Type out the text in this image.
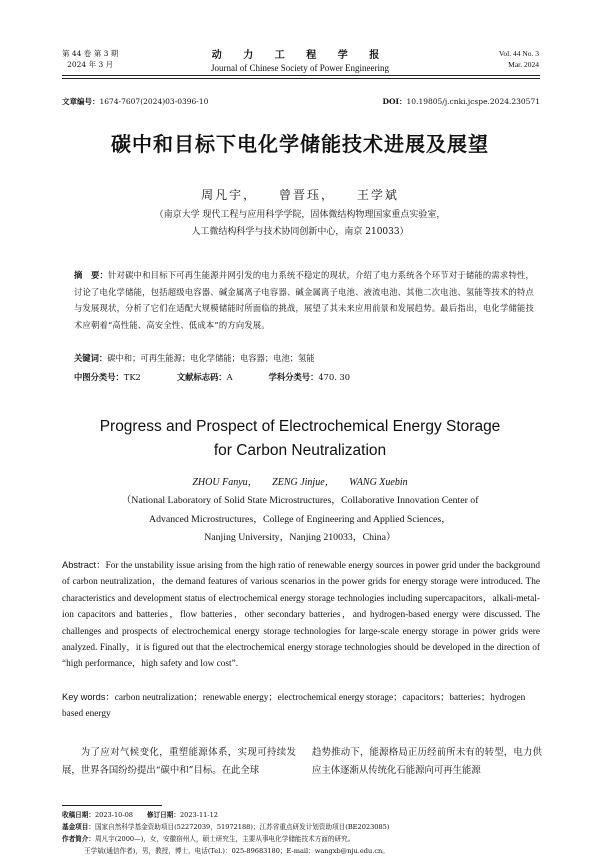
第 44 卷 第 3 期
2024 年 3 月
动 力 工 程 学 报
Journal of Chinese Society of Power Engineering
Vol. 44 No. 3
Mar. 2024
文章编号：1674-7607(2024)03-0396-10	DOI：10.19805/j.cnki.jcspe.2024.230571
碳中和目标下电化学储能技术进展及展望
周凡宇， 曾晋珏， 王学斌
（南京大学 现代工程与应用科学学院，固体微结构物理国家重点实验室，
人工微结构科学与技术协同创新中心，南京 210033）
摘　要：针对碳中和目标下可再生能源并网引发的电力系统不稳定的现状，介绍了电力系统各个环节对于储能的需求特性，讨论了电化学储能，包括超级电容器、碱金属离子电容器、碱金属离子电池、液流电池、其他二次电池、氢能等技术的特点与发展现状，分析了它们在适配大规模储能时所面临的挑战，展望了其未来应用前景和发展趋势。最后指出，电化学储能技术应朝着“高性能、高安全性、低成本”的方向发展。
关键词：碳中和；可再生能源；电化学储能；电容器；电池；氢能
中图分类号：TK2	文献标志码：A	学科分类号：470. 30
Progress and Prospect of Electrochemical Energy Storage
for Carbon Neutralization
ZHOU Fanyu， ZENG Jinjue， WANG Xuebin
（National Laboratory of Solid State Microstructures，Collaborative Innovation Center of
Advanced Microstructures，College of Engineering and Applied Sciences，
Nanjing University，Nanjing 210033，China）
Abstract：For the unstability issue arising from the high ratio of renewable energy sources in power grid under the background of carbon neutralization，the demand features of various scenarios in the power grids for energy storage were introduced. The characteristics and development status of electrochemical energy storage technologies including supercapacitors，alkali-metal-ion capacitors and batteries，flow batteries，other secondary batteries，and hydrogen-based energy were discussed. The challenges and prospects of electrochemical energy storage technologies for large-scale energy storage in power grids were analyzed. Finally，it is figured out that the electrochemical energy storage technologies should be developed in the direction of “high performance，high safety and low cost”.
Key words：carbon neutralization；renewable energy；electrochemical energy storage；capacitors；batteries；hydrogen based energy
为了应对气候变化，重塑能源体系，实现可持续发展，世界各国纷纷提出“碳中和”目标。在此全球
趋势推动下，能源格局正历经前所未有的转型，电力供应主体逐渐从传统化石能源向可再生能源
收稿日期：2023-10-08 修订日期：2023-11-12
基金项目：国家自然科学基金资助项目(52272039，51972188)；江苏省重点研发计划资助项目(BE2023085)
作者简介：周凡宇(2000—)，女，安徽宿州人，硕士研究生，主要从事电化学储能技术方面的研究。
王学斌(通信作者)，男，教授，博士，电话(Tel.)：025-89683180；E-mail：wangxb@nju.edu.cn。
